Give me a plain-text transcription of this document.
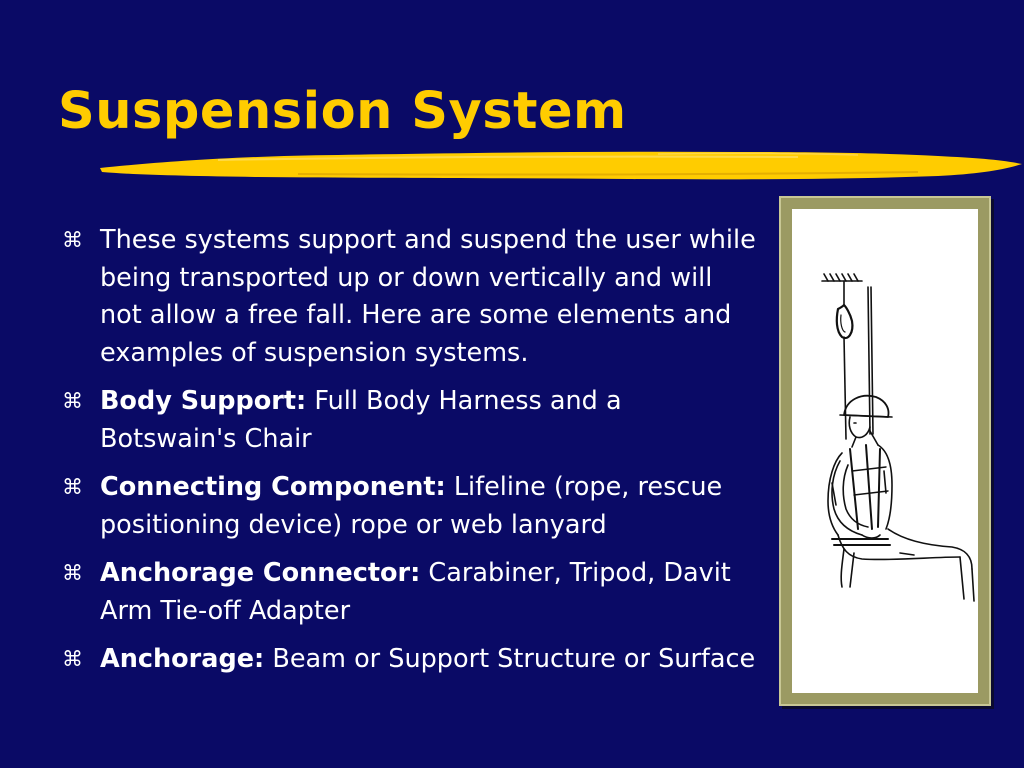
Suspension System
⌘ These systems support and suspend the user while being transported up or down vertically and will not allow a free fall. Here are some elements and examples of suspension systems.
⌘ Body Support: Full Body Harness and a Botswain's Chair
⌘ Connecting Component: Lifeline (rope, rescue positioning device) rope or web lanyard
⌘ Anchorage Connector: Carabiner, Tripod, Davit Arm Tie-off Adapter
⌘ Anchorage: Beam or Support Structure or Surface
